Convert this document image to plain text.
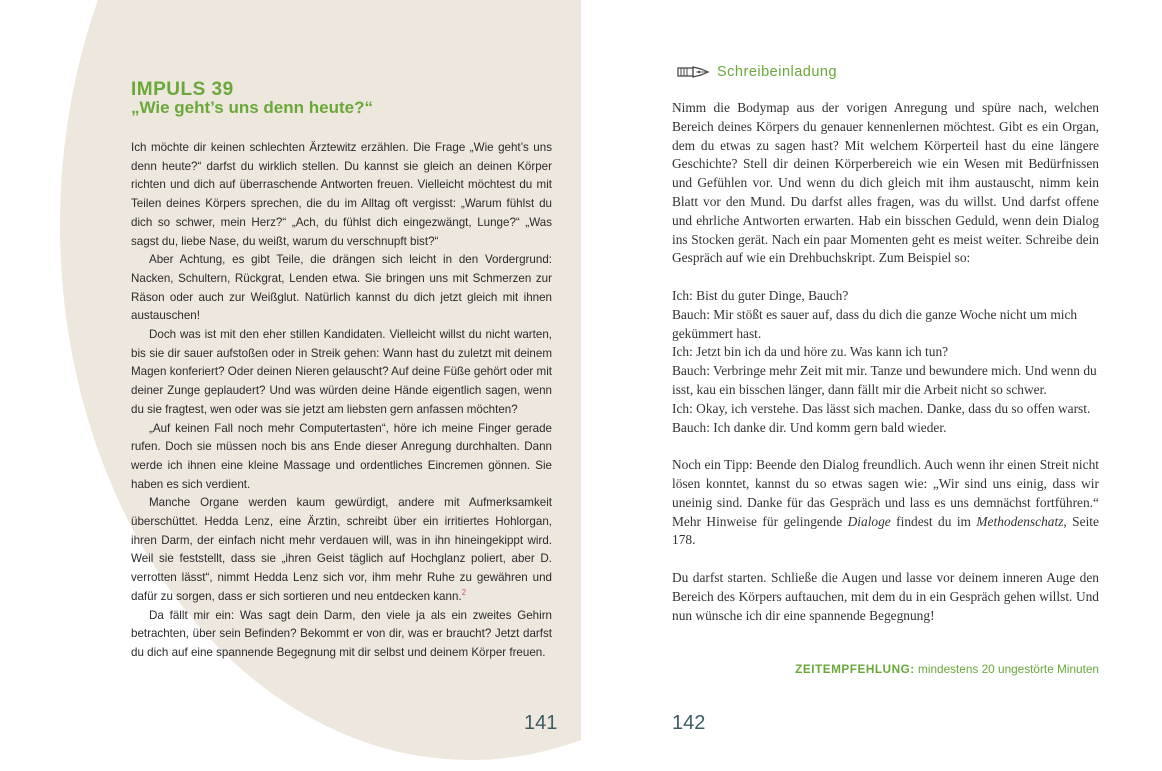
IMPULS 39
„Wie geht’s uns denn heute?“

Ich möchte dir keinen schlechten Ärztewitz erzählen. Die Frage „Wie geht’s uns denn heute?“ darfst du wirklich stellen. Du kannst sie gleich an deinen Körper richten und dich auf überraschende Antworten freuen. Vielleicht möchtest du mit Teilen deines Körpers sprechen, die du im Alltag oft vergisst: „Warum fühlst du dich so schwer, mein Herz?“ „Ach, du fühlst dich eingezwängt, Lunge?“ „Was sagst du, liebe Nase, du weißt, warum du verschnupft bist?“

Aber Achtung, es gibt Teile, die drängen sich leicht in den Vordergrund: Nacken, Schultern, Rückgrat, Lenden etwa. Sie bringen uns mit Schmerzen zur Räson oder auch zur Weißglut. Natürlich kannst du dich jetzt gleich mit ihnen austauschen!

Doch was ist mit den eher stillen Kandidaten. Vielleicht willst du nicht warten, bis sie dir sauer aufstoßen oder in Streik gehen: Wann hast du zuletzt mit deinem Magen konferiert? Oder deinen Nieren gelauscht? Auf deine Füße gehört oder mit deiner Zunge geplaudert? Und was würden deine Hände eigentlich sagen, wenn du sie fragtest, wen oder was sie jetzt am liebsten gern anfassen möchten?

„Auf keinen Fall noch mehr Computertasten“, höre ich meine Finger gerade rufen. Doch sie müssen noch bis ans Ende dieser Anregung durchhalten. Dann werde ich ihnen eine kleine Massage und ordentliches Eincremen gönnen. Sie haben es sich verdient.

Manche Organe werden kaum gewürdigt, andere mit Aufmerksamkeit überschüttet. Hedda Lenz, eine Ärztin, schreibt über ein irritiertes Hohlorgan, ihren Darm, der einfach nicht mehr verdauen will, was in ihn hineingekippt wird. Weil sie feststellt, dass sie „ihren Geist täglich auf Hochglanz poliert, aber D. verrotten lässt“, nimmt Hedda Lenz sich vor, ihm mehr Ruhe zu gewähren und dafür zu sorgen, dass er sich sortieren und neu entdecken kann.$^2$

Da fällt mir ein: Was sagt dein Darm, den viele ja als ein zweites Gehirn betrachten, über sein Befinden? Bekommt er von dir, was er braucht? Jetzt darfst du dich auf eine spannende Begegnung mit dir selbst und deinem Körper freuen.

141
Schreibeinladung

Nimm die Bodymap aus der vorigen Anregung und spüre nach, welchen Bereich deines Körpers du genauer kennenlernen möchtest. Gibt es ein Organ, dem du etwas zu sagen hast? Mit welchem Körperteil hast du eine längere Geschichte? Stell dir deinen Körperbereich wie ein Wesen mit Bedürfnissen und Gefühlen vor. Und wenn du dich gleich mit ihm austauscht, nimm kein Blatt vor den Mund. Du darfst alles fragen, was du willst. Und darfst offene und ehrliche Antworten erwarten. Hab ein bisschen Geduld, wenn dein Dialog ins Stocken gerät. Nach ein paar Momenten geht es meist weiter. Schreibe dein Gespräch auf wie ein Drehbuchskript. Zum Beispiel so:

Ich: Bist du guter Dinge, Bauch?

Bauch: Mir stößt es sauer auf, dass du dich die ganze Woche nicht um mich gekümmert hast.

Ich: Jetzt bin ich da und höre zu. Was kann ich tun?

Bauch: Verbringe mehr Zeit mit mir. Tanze und bewundere mich. Und wenn du isst, kau ein bisschen länger, dann fällt mir die Arbeit nicht so schwer.

Ich: Okay, ich verstehe. Das lässt sich machen. Danke, dass du so offen warst.

Bauch: Ich danke dir. Und komm gern bald wieder.

Noch ein Tipp: Beende den Dialog freundlich. Auch wenn ihr einen Streit nicht lösen konntet, kannst du so etwas sagen wie: „Wir sind uns einig, dass wir uneinig sind. Danke für das Gespräch und lass es uns demnächst fortführen.“ Mehr Hinweise für gelingende Dialoge findest du im Methodenschatz, Seite 178.

Du darfst starten. Schließe die Augen und lasse vor deinem inneren Auge den Bereich des Körpers auftauchen, mit dem du in ein Gespräch gehen willst. Und nun wünsche ich dir eine spannende Begegnung!

ZEITEMPFEHLUNG: mindestens 20 ungestörte Minuten
142
